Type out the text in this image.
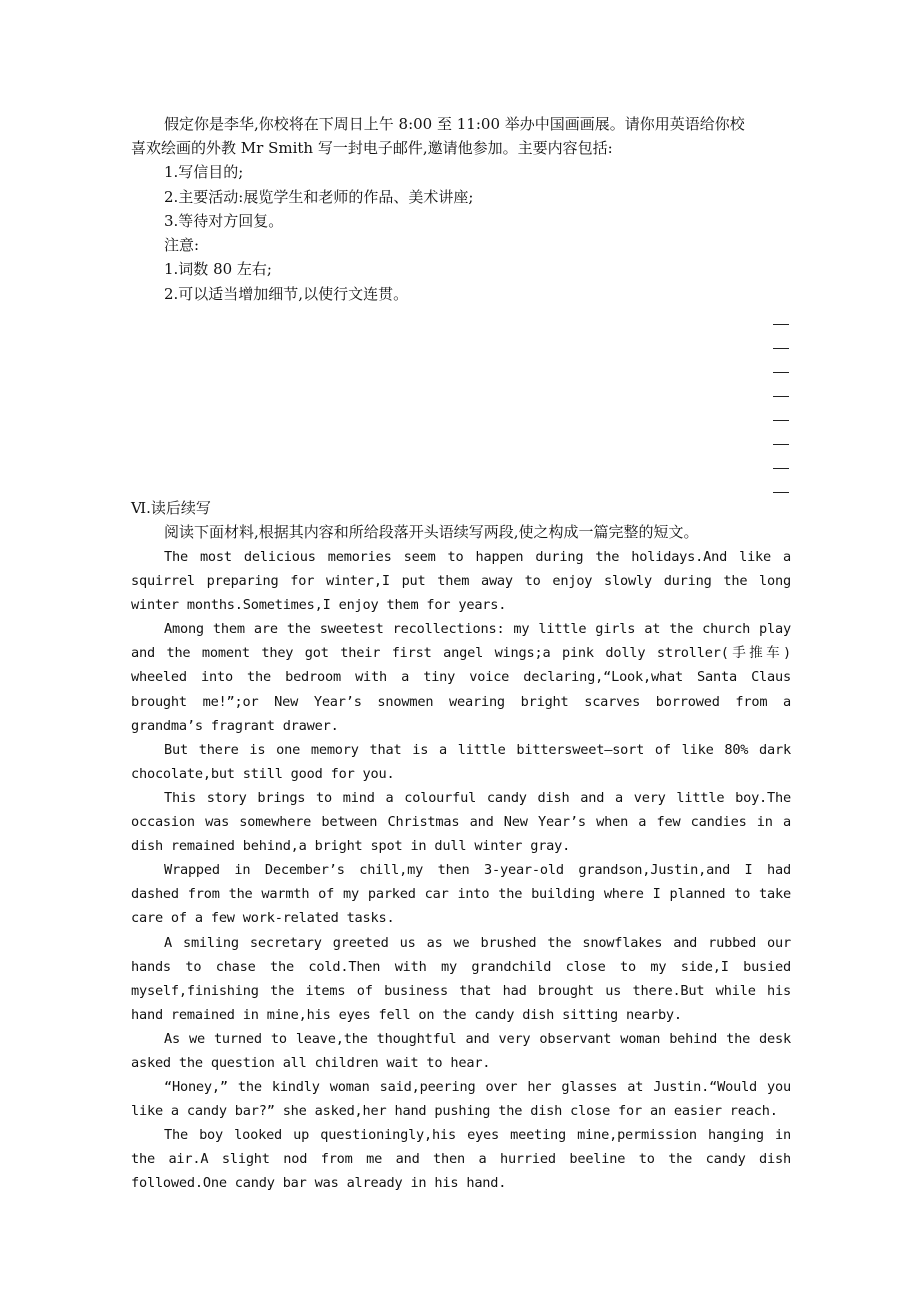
假定你是李华,你校将在下周日上午 8:00 至 11:00 举办中国画画展。请你用英语给你校
喜欢绘画的外教 Mr Smith 写一封电子邮件,邀请他参加。主要内容包括:
1.写信目的;
2.主要活动:展览学生和老师的作品、美术讲座;
3.等待对方回复。
注意:
1.词数 80 左右;
2.可以适当增加细节,以使行文连贯。
Ⅵ.读后续写
阅读下面材料,根据其内容和所给段落开头语续写两段,使之构成一篇完整的短文。

The most delicious memories seem to happen during the holidays.And like a squirrel preparing for winter,I put them away to enjoy slowly during the long winter months.Sometimes,I enjoy them for years.

Among them are the sweetest recollections: my little girls at the church play and the moment they got their first angel wings;a pink dolly stroller(手推车) wheeled into the bedroom with a tiny voice declaring,“Look,what Santa Claus brought me!”;or New Year’s snowmen wearing bright scarves borrowed from a grandma’s fragrant drawer.

But there is one memory that is a little bittersweet—sort of like 80% dark chocolate,but still good for you.

This story brings to mind a colourful candy dish and a very little boy.The occasion was somewhere between Christmas and New Year’s when a few candies in a dish remained behind,a bright spot in dull winter gray.

Wrapped in December’s chill,my then 3-year-old grandson,Justin,and I had dashed from the warmth of my parked car into the building where I planned to take care of a few work-related tasks.

A smiling secretary greeted us as we brushed the snowflakes and rubbed our hands to chase the cold.Then with my grandchild close to my side,I busied myself,finishing the items of business that had brought us there.But while his hand remained in mine,his eyes fell on the candy dish sitting nearby.

As we turned to leave,the thoughtful and very observant woman behind the desk asked the question all children wait to hear.

“Honey,” the kindly woman said,peering over her glasses at Justin.“Would you like a candy bar?” she asked,her hand pushing the dish close for an easier reach.

The boy looked up questioningly,his eyes meeting mine,permission hanging in the air.A slight nod from me and then a hurried beeline to the candy dish followed.One candy bar was already in his hand.
